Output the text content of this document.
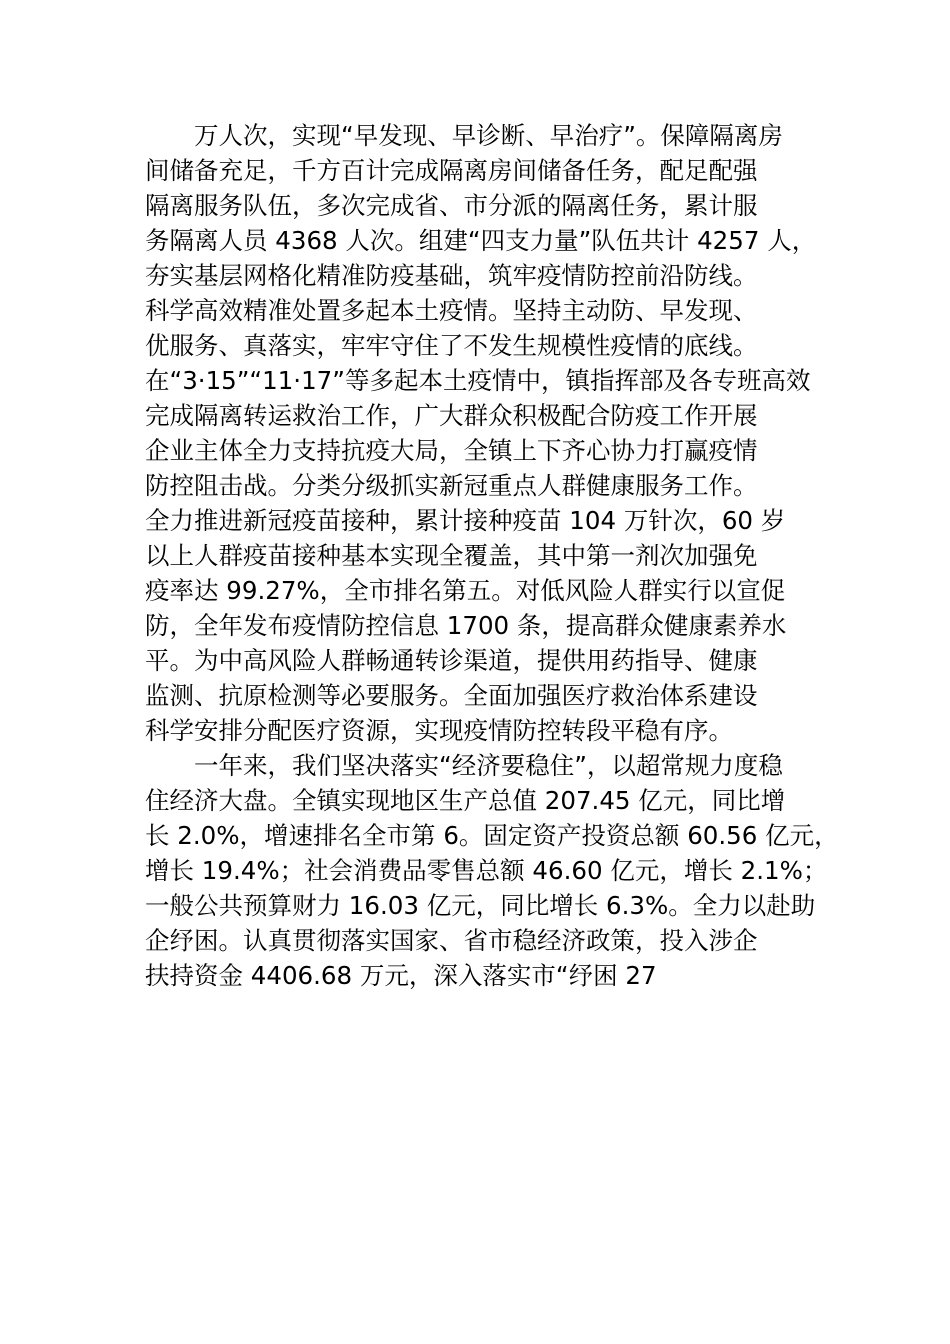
万人次，实现“早发现、早诊断、早治疗”。保障隔离房
间储备充足，千方百计完成隔离房间储备任务，配足配强
隔离服务队伍，多次完成省、市分派的隔离任务，累计服
务隔离人员 4368 人次。组建“四支力量”队伍共计 4257 人，
夯实基层网格化精准防疫基础，筑牢疫情防控前沿防线。
科学高效精准处置多起本土疫情。坚持主动防、早发现、
优服务、真落实，牢牢守住了不发生规模性疫情的底线。
在“3·15”“11·17”等多起本土疫情中，镇指挥部及各专班高效
完成隔离转运救治工作，广大群众积极配合防疫工作开展
企业主体全力支持抗疫大局，全镇上下齐心协力打赢疫情
防控阻击战。分类分级抓实新冠重点人群健康服务工作。
全力推进新冠疫苗接种，累计接种疫苗 104 万针次，60 岁
以上人群疫苗接种基本实现全覆盖，其中第一剂次加强免
疫率达 99.27%，全市排名第五。对低风险人群实行以宣促
防，全年发布疫情防控信息 1700 条，提高群众健康素养水
平。为中高风险人群畅通转诊渠道，提供用药指导、健康
监测、抗原检测等必要服务。全面加强医疗救治体系建设
科学安排分配医疗资源，实现疫情防控转段平稳有序。
一年来，我们坚决落实“经济要稳住”，以超常规力度稳
住经济大盘。全镇实现地区生产总值 207.45 亿元，同比增
长 2.0%，增速排名全市第 6。固定资产投资总额 60.56 亿元，
增长 19.4%；社会消费品零售总额 46.60 亿元，增长 2.1%；
一般公共预算财力 16.03 亿元，同比增长 6.3%。全力以赴助
企纾困。认真贯彻落实国家、省市稳经济政策，投入涉企
扶持资金 4406.68 万元，深入落实市“纾困 27
